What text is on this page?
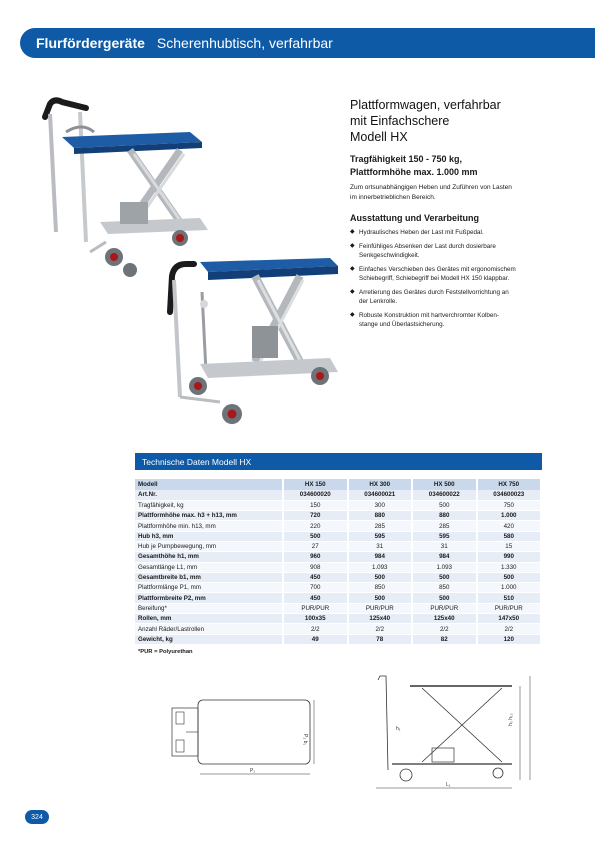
Flurfördergeräte Scherenhubtisch, verfahrbar
Plattformwagen, verfahrbar
mit Einfachschere
Modell HX
Tragfähigkeit 150 - 750 kg,
Plattformhöhe max. 1.000 mm
Zum ortsunabhängigen Heben und Zuführen von Lasten
im innerbetrieblichen Bereich.
Ausstattung und Verarbeitung
◆ Hydraulisches Heben der Last mit Fußpedal.
◆ Feinfühliges Absenken der Last durch dosierbare
Senkgeschwindigkeit.
◆ Einfaches Verschieben des Gerätes mit ergonomischem
Schiebegriff, Schiebegriff bei Modell HX 150 klappbar.
◆ Arretierung des Gerätes durch Feststellvorrichtung an
der Lenkrolle.
◆ Robuste Konstruktion mit hartverchromter Kolben-
stange und Überlastsicherung.
Technische Daten Modell HX
Modell	HX 150	HX 300	HX 500	HX 750
Art.Nr.	034600020	034600021	034600022	034600023
Tragfähigkeit, kg	150	300	500	750
Plattformhöhe max. h3 + h13, mm	720	880	880	1.000
Plattformhöhe min. h13, mm	220	285	285	420
Hub h3, mm	500	595	595	580
Hub je Pumpbewegung, mm	27	31	31	15
Gesamthöhe h1, mm	960	984	984	990
Gesamtlänge L1, mm	908	1.093	1.093	1.330
Gesamtbreite b1, mm	450	500	500	500
Plattformlänge P1, mm	700	850	850	1.000
Plattformbreite P2, mm	450	500	500	510
Bereifung*	PUR/PUR	PUR/PUR	PUR/PUR	PUR/PUR
Rollen, mm	100x35	125x40	125x40	147x50
Anzahl Räder/Lastrollen	2/2	2/2	2/2	2/2
Gewicht, kg	49	78	82	120
*PUR = Polyurethan
P₂ b₁
P₁
h₁
h₃ h₁₃
L₁
324
